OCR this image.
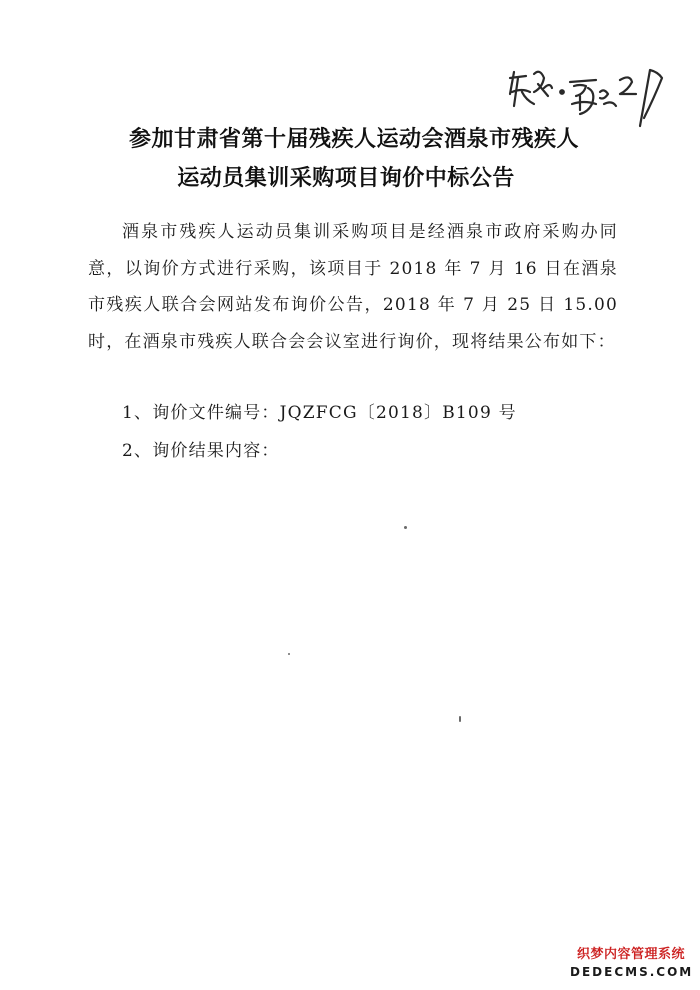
参加甘肃省第十届残疾人运动会酒泉市残疾人
运动员集训采购项目询价中标公告
酒泉市残疾人运动员集训采购项目是经酒泉市政府采购办同意，以询价方式进行采购，该项目于 2018 年 7 月 16 日在酒泉市残疾人联合会网站发布询价公告，2018 年 7 月 25 日 15.00 时，在酒泉市残疾人联合会会议室进行询价，现将结果公布如下：
1、询价文件编号：JQZFCG〔2018〕B109 号
2、询价结果内容：
织梦内容管理系统
DEDECMS.COM
